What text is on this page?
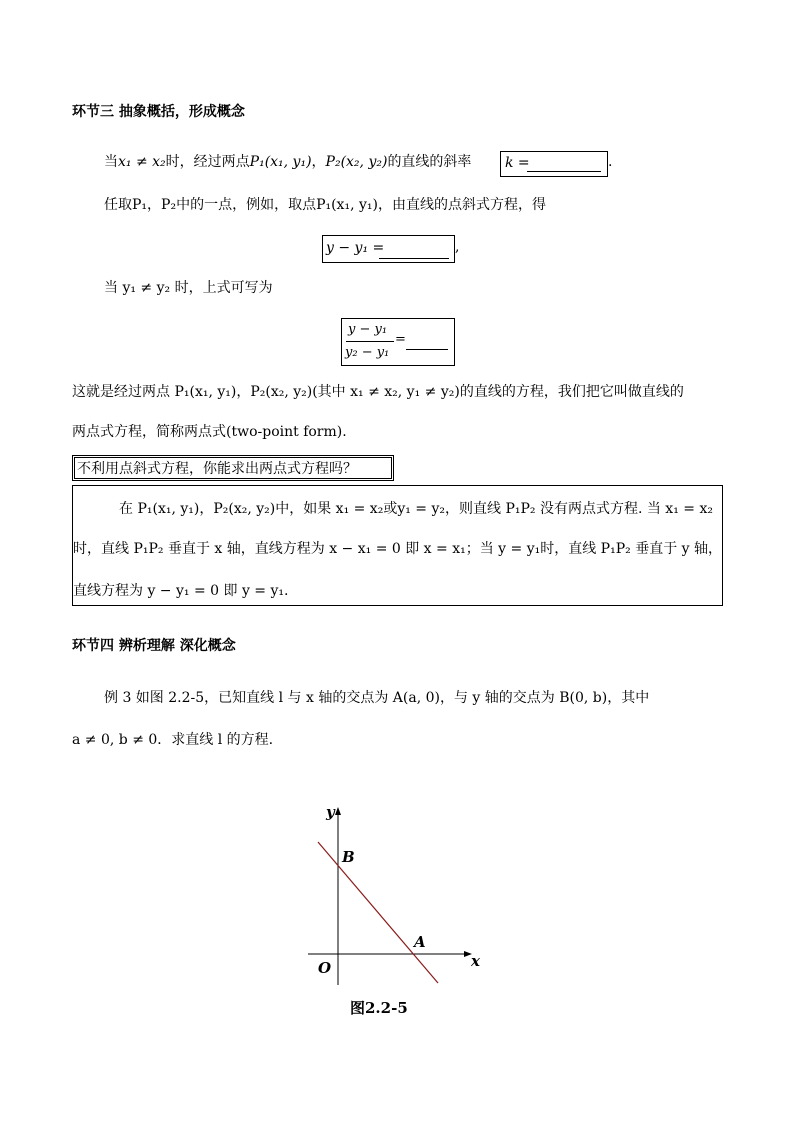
环节三 抽象概括，形成概念
当x₁ ≠ x₂时，经过两点P₁(x₁, y₁)，P₂(x₂, y₂)的直线的斜率 k =	.
任取P₁，P₂中的一点，例如，取点P₁(x₁, y₁)，由直线的点斜式方程，得
y − y₁ =	,
当 y₁ ≠ y₂ 时，上式可写为
y − y₁
y₂ − y₁
=
这就是经过两点 P₁(x₁, y₁)，P₂(x₂, y₂)(其中 x₁ ≠ x₂, y₁ ≠ y₂)的直线的方程，我们把它叫做直线的
两点式方程，简称两点式(two-point form).
不利用点斜式方程，你能求出两点式方程吗？
在 P₁(x₁, y₁)，P₂(x₂, y₂)中，如果 x₁ = x₂或y₁ = y₂，则直线 P₁P₂ 没有两点式方程. 当 x₁ = x₂
时，直线 P₁P₂ 垂直于 x 轴，直线方程为 x − x₁ = 0 即 x = x₁；当 y = y₁时，直线 P₁P₂ 垂直于 y 轴，
直线方程为 y − y₁ = 0 即 y = y₁.
环节四 辨析理解 深化概念
例 3 如图 2.2-5，已知直线 l 与 x 轴的交点为 A(a, 0)，与 y 轴的交点为 B(0, b)，其中
a ≠ 0, b ≠ 0．求直线 l 的方程.
y
x
O
B
A
图2.2-5
